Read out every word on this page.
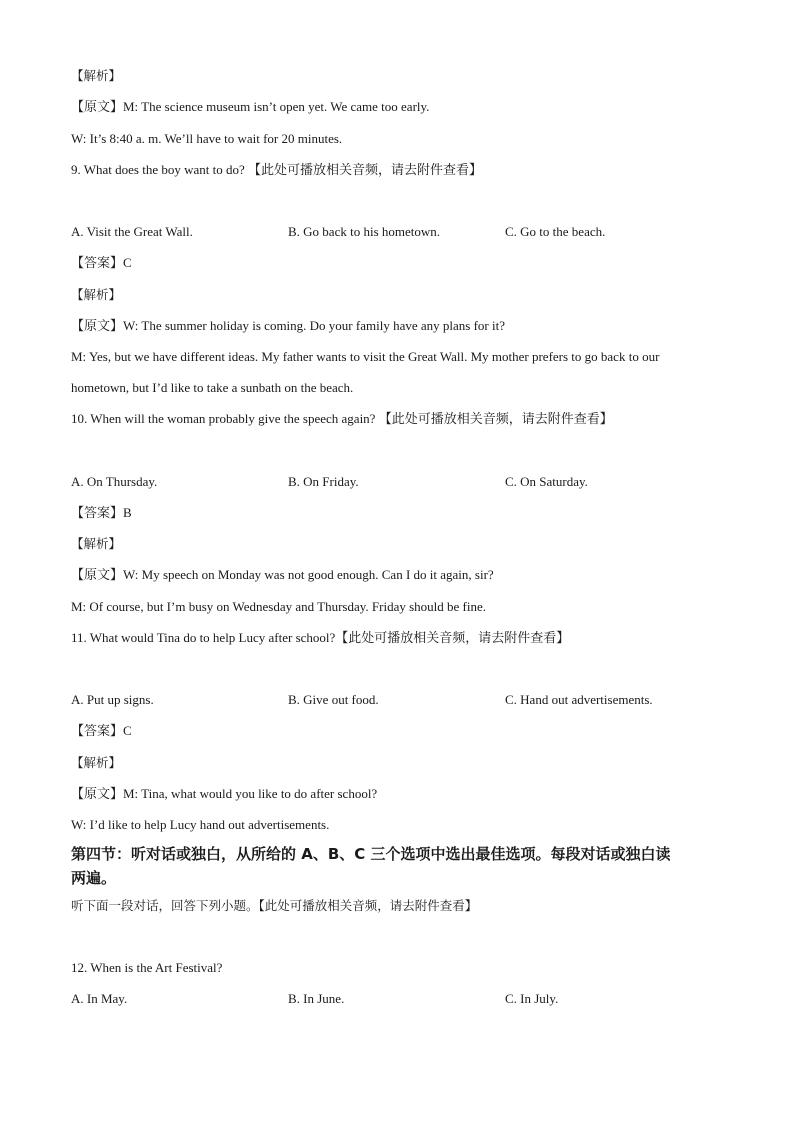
【解析】
【原文】M: The science museum isn’t open yet. We came too early.
W: It’s 8:40 a. m. We’ll have to wait for 20 minutes.
9. What does the boy want to do? 【此处可播放相关音频，请去附件查看】
A. Visit the Great Wall.	B. Go back to his hometown.	C. Go to the beach.
【答案】C
【解析】
【原文】W: The summer holiday is coming. Do your family have any plans for it?
M: Yes, but we have different ideas. My father wants to visit the Great Wall. My mother prefers to go back to our
hometown, but I’d like to take a sunbath on the beach.
10. When will the woman probably give the speech again? 【此处可播放相关音频，请去附件查看】
A. On Thursday.	B. On Friday.	C. On Saturday.
【答案】B
【解析】
【原文】W: My speech on Monday was not good enough. Can I do it again, sir?
M: Of course, but I’m busy on Wednesday and Thursday. Friday should be fine.
11. What would Tina do to help Lucy after school?【此处可播放相关音频，请去附件查看】
A. Put up signs.	B. Give out food.	C. Hand out advertisements.
【答案】C
【解析】
【原文】M: Tina, what would you like to do after school?
W: I’d like to help Lucy hand out advertisements.
第四节：听对话或独白，从所给的 A、B、C 三个选项中选出最佳选项。每段对话或独白读
两遍。
听下面一段对话，回答下列小题。【此处可播放相关音频，请去附件查看】
12. When is the Art Festival?
A. In May.	B. In June.	C. In July.
